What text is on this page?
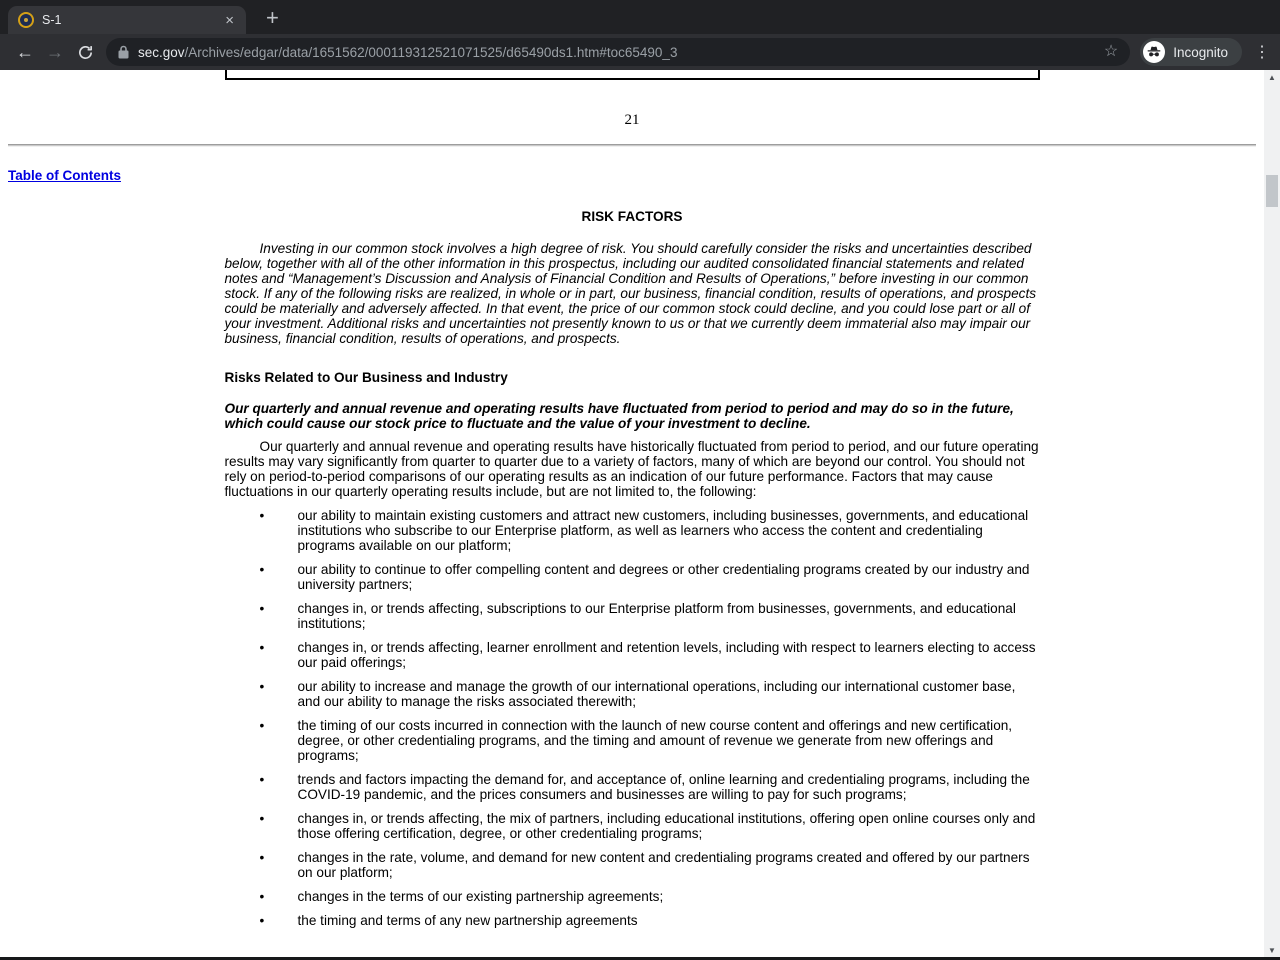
S-1	× +
← →	sec.gov/Archives/edgar/data/1651562/000119312521071525/d65490ds1.htm#toc65490_3	☆	Incognito ⋮
21
Table of Contents
RISK FACTORS

Investing in our common stock involves a high degree of risk. You should carefully consider the risks and uncertainties described below, together with all of the other information in this prospectus, including our audited consolidated financial statements and related notes and “Management’s Discussion and Analysis of Financial Condition and Results of Operations,” before investing in our common stock. If any of the following risks are realized, in whole or in part, our business, financial condition, results of operations, and prospects could be materially and adversely affected. In that event, the price of our common stock could decline, and you could lose part or all of your investment. Additional risks and uncertainties not presently known to us or that we currently deem immaterial also may impair our business, financial condition, results of operations, and prospects.

Risks Related to Our Business and Industry

Our quarterly and annual revenue and operating results have fluctuated from period to period and may do so in the future, which could cause our stock price to fluctuate and the value of your investment to decline.

Our quarterly and annual revenue and operating results have historically fluctuated from period to period, and our future operating results may vary significantly from quarter to quarter due to a variety of factors, many of which are beyond our control. You should not rely on period-to-period comparisons of our operating results as an indication of our future performance. Factors that may cause fluctuations in our quarterly operating results include, but are not limited to, the following:

• our ability to maintain existing customers and attract new customers, including businesses, governments, and educational institutions who subscribe to our Enterprise platform, as well as learners who access the content and credentialing programs available on our platform;
• our ability to continue to offer compelling content and degrees or other credentialing programs created by our industry and university partners;
• changes in, or trends affecting, subscriptions to our Enterprise platform from businesses, governments, and educational institutions;
• changes in, or trends affecting, learner enrollment and retention levels, including with respect to learners electing to access our paid offerings;
• our ability to increase and manage the growth of our international operations, including our international customer base, and our ability to manage the risks associated therewith;
• the timing of our costs incurred in connection with the launch of new course content and offerings and new certification, degree, or other credentialing programs, and the timing and amount of revenue we generate from new offerings and programs;
• trends and factors impacting the demand for, and acceptance of, online learning and credentialing programs, including the COVID-19 pandemic, and the prices consumers and businesses are willing to pay for such programs;
• changes in, or trends affecting, the mix of partners, including educational institutions, offering open online courses only and those offering certification, degree, or other credentialing programs;
• changes in the rate, volume, and demand for new content and credentialing programs created and offered by our partners on our platform;
• changes in the terms of our existing partnership agreements;
• the timing and terms of any new partnership agreements
▲
▼
